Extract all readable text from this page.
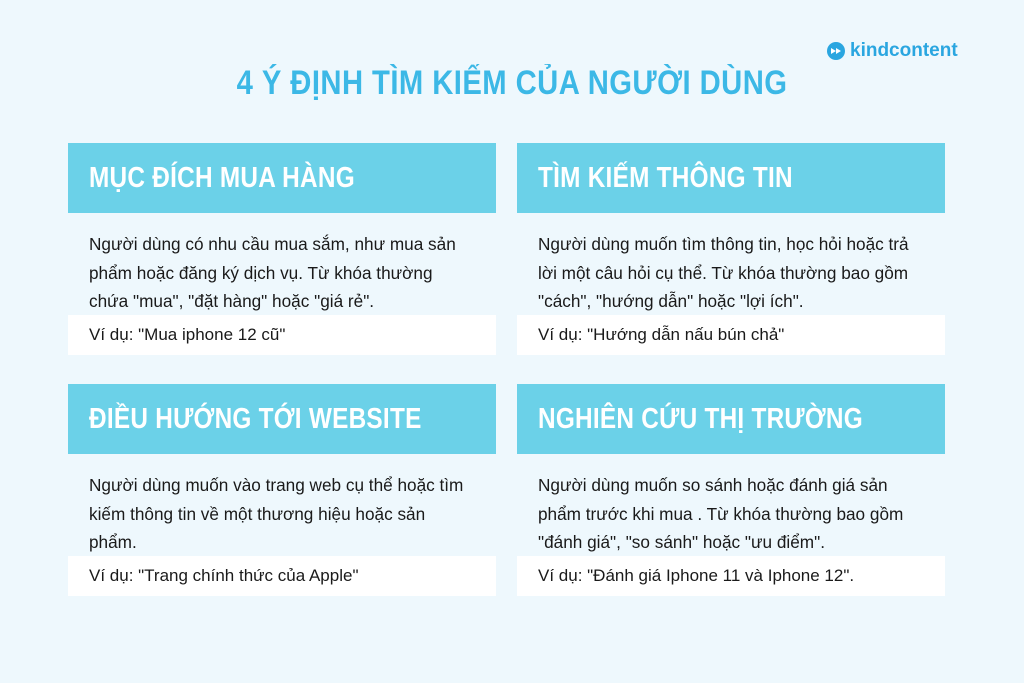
kindcontent
4 Ý ĐỊNH TÌM KIẾM CỦA NGƯỜI DÙNG
MỤC ĐÍCH MUA HÀNG
Người dùng có nhu cầu mua sắm, như mua sản phẩm hoặc đăng ký dịch vụ. Từ khóa thường chứa "mua", "đặt hàng" hoặc "giá rẻ".
Ví dụ: "Mua iphone 12 cũ"
TÌM KIẾM THÔNG TIN
Người dùng muốn tìm thông tin, học hỏi hoặc trả lời một câu hỏi cụ thể. Từ khóa thường bao gồm "cách", "hướng dẫn" hoặc "lợi ích".
Ví dụ: "Hướng dẫn nấu bún chả"
ĐIỀU HƯỚNG TỚI WEBSITE
Người dùng muốn vào trang web cụ thể hoặc tìm kiếm thông tin về một thương hiệu hoặc sản phẩm.
Ví dụ: "Trang chính thức của Apple"
NGHIÊN CỨU THỊ TRƯỜNG
Người dùng muốn so sánh hoặc đánh giá sản phẩm trước khi mua . Từ khóa thường bao gồm "đánh giá", "so sánh" hoặc "ưu điểm".
Ví dụ: "Đánh giá Iphone 11 và Iphone 12".
